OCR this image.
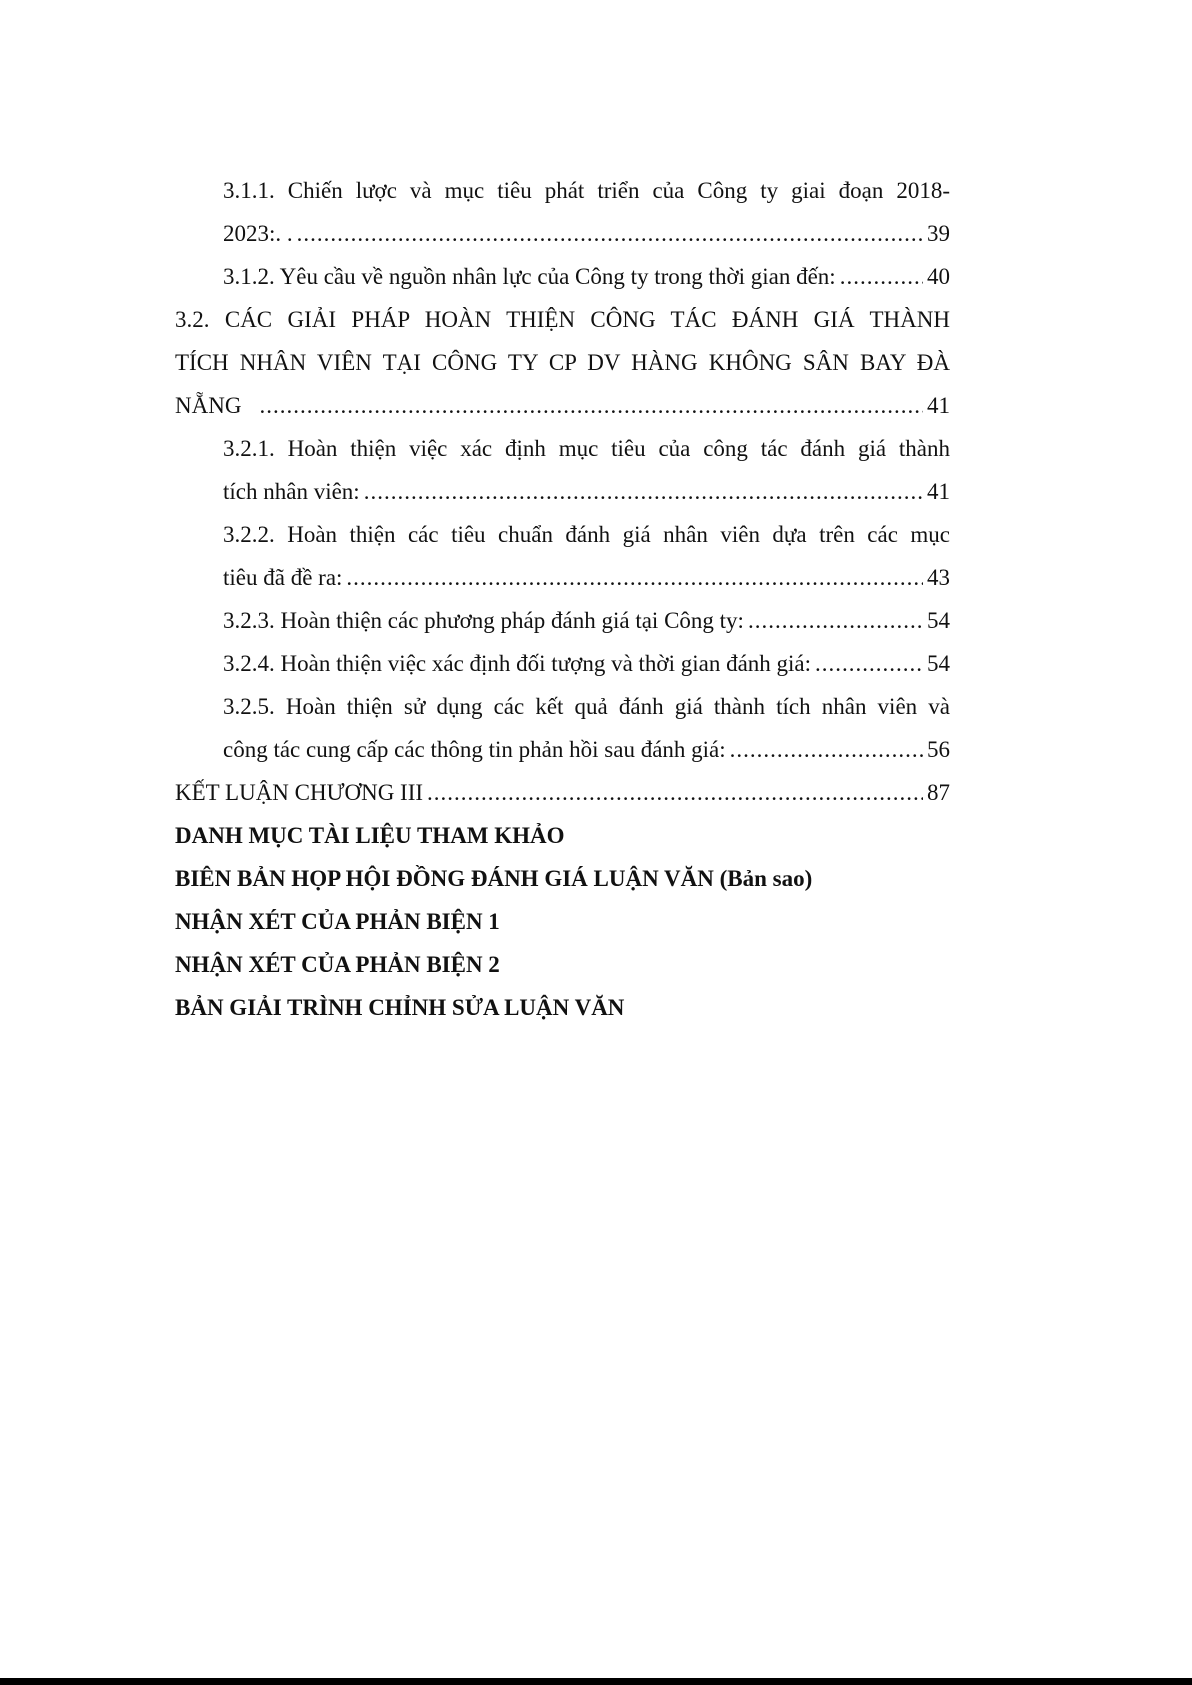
3.1.1. Chiến lược và mục tiêu phát triển của Công ty giai đoạn 2018-
2023:. . .....	39
3.1.2. Yêu cầu về nguồn nhân lực của Công ty trong thời gian đến: .....	40
3.2. CÁC GIẢI PHÁP HOÀN THIỆN CÔNG TÁC ĐÁNH GIÁ THÀNH
TÍCH NHÂN VIÊN TẠI CÔNG TY CP DV HÀNG KHÔNG SÂN BAY ĐÀ
NẴNG .....	41
3.2.1. Hoàn thiện việc xác định mục tiêu của công tác đánh giá thành
tích nhân viên: .....	41
3.2.2. Hoàn thiện các tiêu chuẩn đánh giá nhân viên dựa trên các mục
tiêu đã đề ra: .....	43
3.2.3. Hoàn thiện các phương pháp đánh giá tại Công ty: .....	54
3.2.4. Hoàn thiện việc xác định đối tượng và thời gian đánh giá: .....	54
3.2.5. Hoàn thiện sử dụng các kết quả đánh giá thành tích nhân viên và
công tác cung cấp các thông tin phản hồi sau đánh giá: .....	56
KẾT LUẬN CHƯƠNG III .....	87
DANH MỤC TÀI LIỆU THAM KHẢO
BIÊN BẢN HỌP HỘI ĐỒNG ĐÁNH GIÁ LUẬN VĂN (Bản sao)
NHẬN XÉT CỦA PHẢN BIỆN 1
NHẬN XÉT CỦA PHẢN BIỆN 2
BẢN GIẢI TRÌNH CHỈNH SỬA LUẬN VĂN
